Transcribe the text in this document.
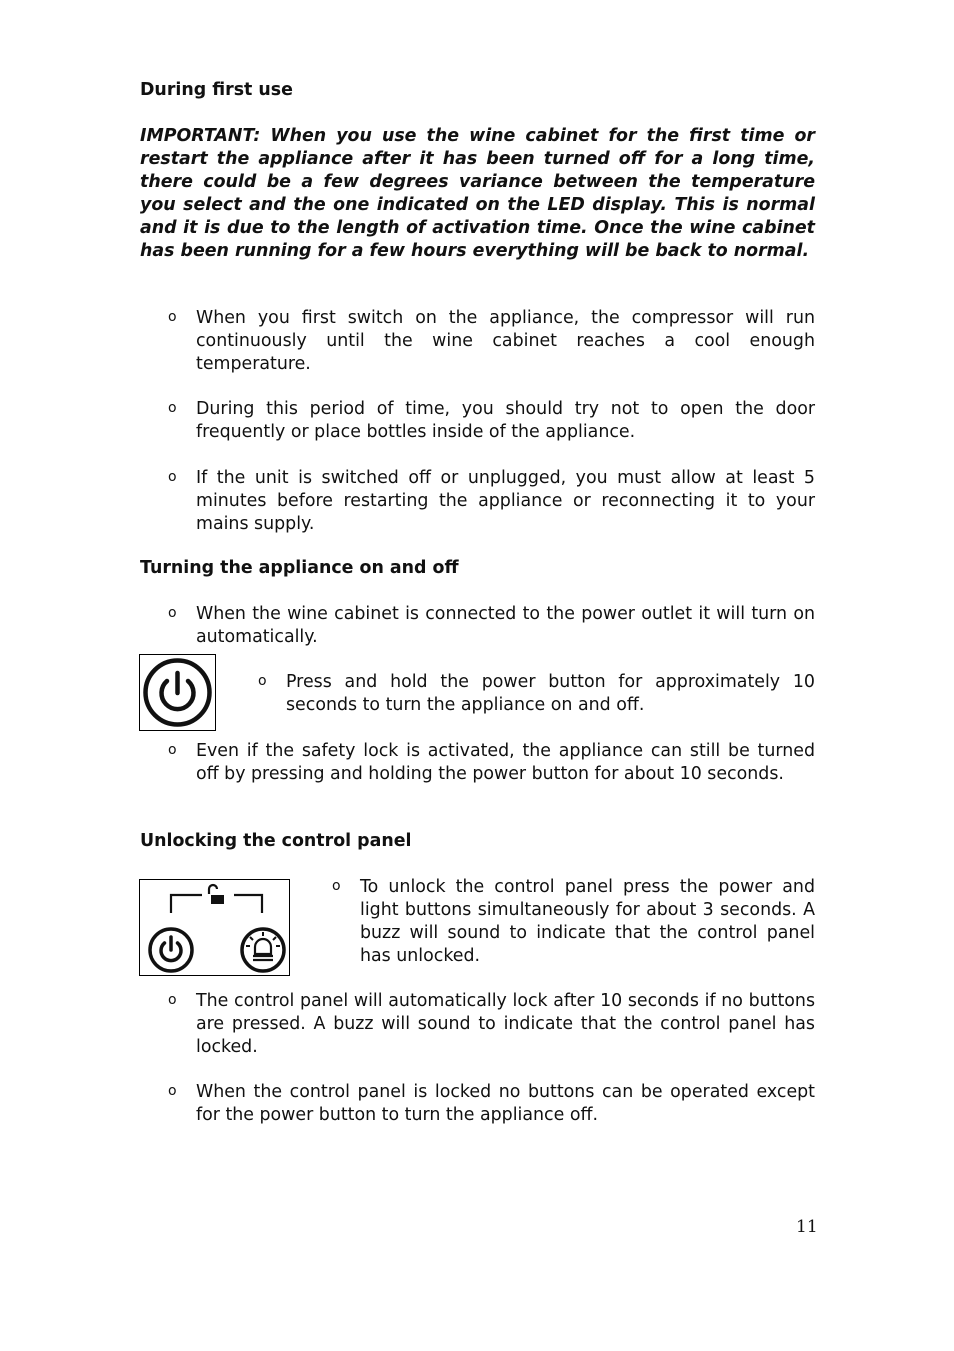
During first use
IMPORTANT: When you use the wine cabinet for the first time or restart the appliance after it has been turned off for a long time, there could be a few degrees variance between the temperature you select and the one indicated on the LED display. This is normal and it is due to the length of activation time. Once the wine cabinet has been running for a few hours everything will be back to normal.
o When you first switch on the appliance, the compressor will run continuously until the wine cabinet reaches a cool enough temperature.
o During this period of time, you should try not to open the door frequently or place bottles inside of the appliance.
o If the unit is switched off or unplugged, you must allow at least 5 minutes before restarting the appliance or reconnecting it to your mains supply.
Turning the appliance on and off
o When the wine cabinet is connected to the power outlet it will turn on automatically.
o Press and hold the power button for approximately 10 seconds to turn the appliance on and off.
o Even if the safety lock is activated, the appliance can still be turned off by pressing and holding the power button for about 10 seconds.
Unlocking the control panel
o To unlock the control panel press the power and light buttons simultaneously for about 3 seconds. A buzz will sound to indicate that the control panel has unlocked.
o The control panel will automatically lock after 10 seconds if no buttons are pressed. A buzz will sound to indicate that the control panel has locked.
o When the control panel is locked no buttons can be operated except for the power button to turn the appliance off.
11
